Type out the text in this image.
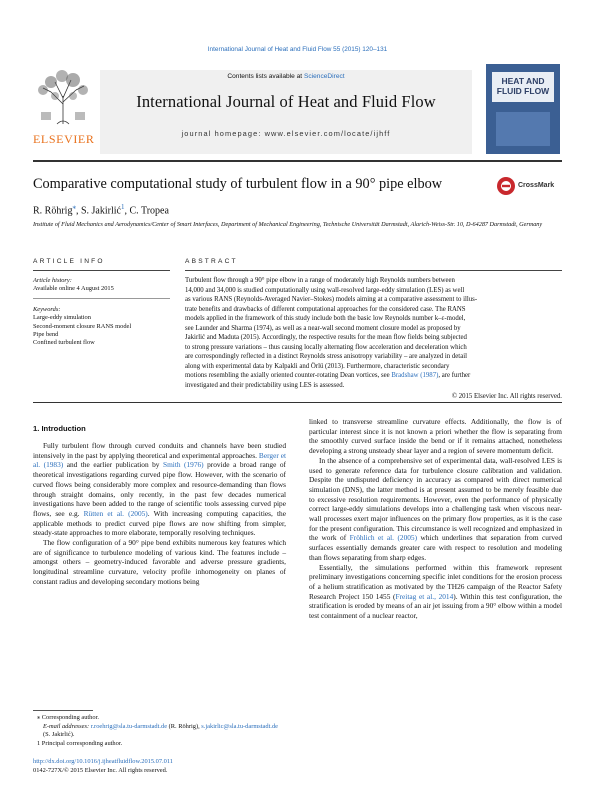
International Journal of Heat and Fluid Flow 55 (2015) 120–131
ELSEVIER
Contents lists available at ScienceDirect
International Journal of Heat and Fluid Flow
journal homepage: www.elsevier.com/locate/ijhff
HEAT AND
FLUID FLOW
Comparative computational study of turbulent flow in a 90° pipe elbow	CrossMark
R. Röhrig⁎, S. Jakirlić$^1$, C. Tropea
Institute of Fluid Mechanics and Aerodynamics/Center of Smart Interfaces, Department of Mechanical Engineering, Technische Universität Darmstadt, Alarich-Weiss-Str. 10, D-64287 Darmstadt, Germany
ARTICLE INFO
Article history:
Available online 4 August 2015
Keywords:
Large-eddy simulation
Second-moment closure RANS model
Pipe bend
Confined turbulent flow
ABSTRACT
Turbulent flow through a 90° pipe elbow in a range of moderately high Reynolds numbers between
14,000 and 34,000 is studied computationally using wall-resolved large-eddy simulation (LES) as well
as various RANS (Reynolds-Averaged Navier–Stokes) models aiming at a comparative assessment to illus-
trate benefits and drawbacks of different computational approaches for the considered case. The RANS
models applied in the framework of this study include both the basic low Reynolds number k–ε-model,
see Launder and Sharma (1974), as well as a near-wall second moment closure model as proposed by
Jakirlić and Maduta (2015). Accordingly, the respective results for the mean flow fields being subjected
to strong pressure variations – thus causing locally alternating flow acceleration and deceleration which
are correspondingly reflected in a distinct Reynolds stress anisotropy variability – are analyzed in detail
along with experimental data by Kalpakli and Örlü (2013). Furthermore, characteristic secondary
motions resembling the axially oriented counter-rotating Dean vortices, see Bradshaw (1987), are further
investigated and their predictability using LES is assessed.
© 2015 Elsevier Inc. All rights reserved.
1. Introduction

Fully turbulent flow through curved conduits and channels have been studied intensively in the past by applying theoretical and experimental approaches. Berger et al. (1983) and the earlier publication by Smith (1976) provide a broad range of theoretical investigations regarding curved pipe flow. However, with the scenario of curved flows being considerably more complex and resource-demanding than flows through straight domains, only recently, in the past few decades numerical investigations have been added to the range of scientific tools assessing curved pipe flows, see e.g. Rütten et al. (2005). With increasing computing capacities, the applicable methods to predict curved pipe flows are now shifting from simpler, steady-state approaches to more elaborate, temporally resolving techniques.

The flow configuration of a 90° pipe bend exhibits numerous key features which are of significance to turbulence modeling of various kind. The features include – amongst others – geometry-induced favorable and adverse pressure gradients, longitudinal streamline curvature, velocity profile inhomogeneity on planes of constant radius and developing secondary motions being

linked to transverse streamline curvature effects. Additionally, the flow is of particular interest since it is not known a priori whether the flow is separating from the smoothly curved surface inside the bend or if it remains attached, nonetheless developing a strong unsteady shear layer and a region of severe momentum deficit.

In the absence of a comprehensive set of experimental data, wall-resolved LES is used to generate reference data for turbulence closure calibration and validation. Despite the undisputed deficiency in accuracy as compared with direct numerical simulation (DNS), the latter method is at present assumed to be merely feasible due to excessive resolution requirements. However, even the performance of physically correct large-eddy simulations develops into a challenging task when viscous near-wall processes exert major influences on the primary flow properties, as it is the case for the present configuration. This circumstance is well recognized and emphasized in the work of Fröhlich et al. (2005) which underlines that separation from curved surfaces essentially demands greater care with respect to resolution and modeling than flows separating from sharp edges.

Essentially, the simulations performed within this framework represent preliminary investigations concerning specific inlet conditions for the erosion process of a helium stratification as motivated by the TH26 campaign of the Reactor Safety Research Project 150 1455 (Freitag et al., 2014). Within this test configuration, the stratification is eroded by means of an air jet issuing from a 90° elbow within a model test containment of a nuclear reactor,

⁎ Corresponding author.
E-mail addresses: r.roehrig@sla.tu-darmstadt.de (R. Röhrig), s.jakirlic@sla.tu-darmstadt.de (S. Jakirlić).
1 Principal corresponding author.
http://dx.doi.org/10.1016/j.ijheatfluidflow.2015.07.011
0142-727X/© 2015 Elsevier Inc. All rights reserved.
